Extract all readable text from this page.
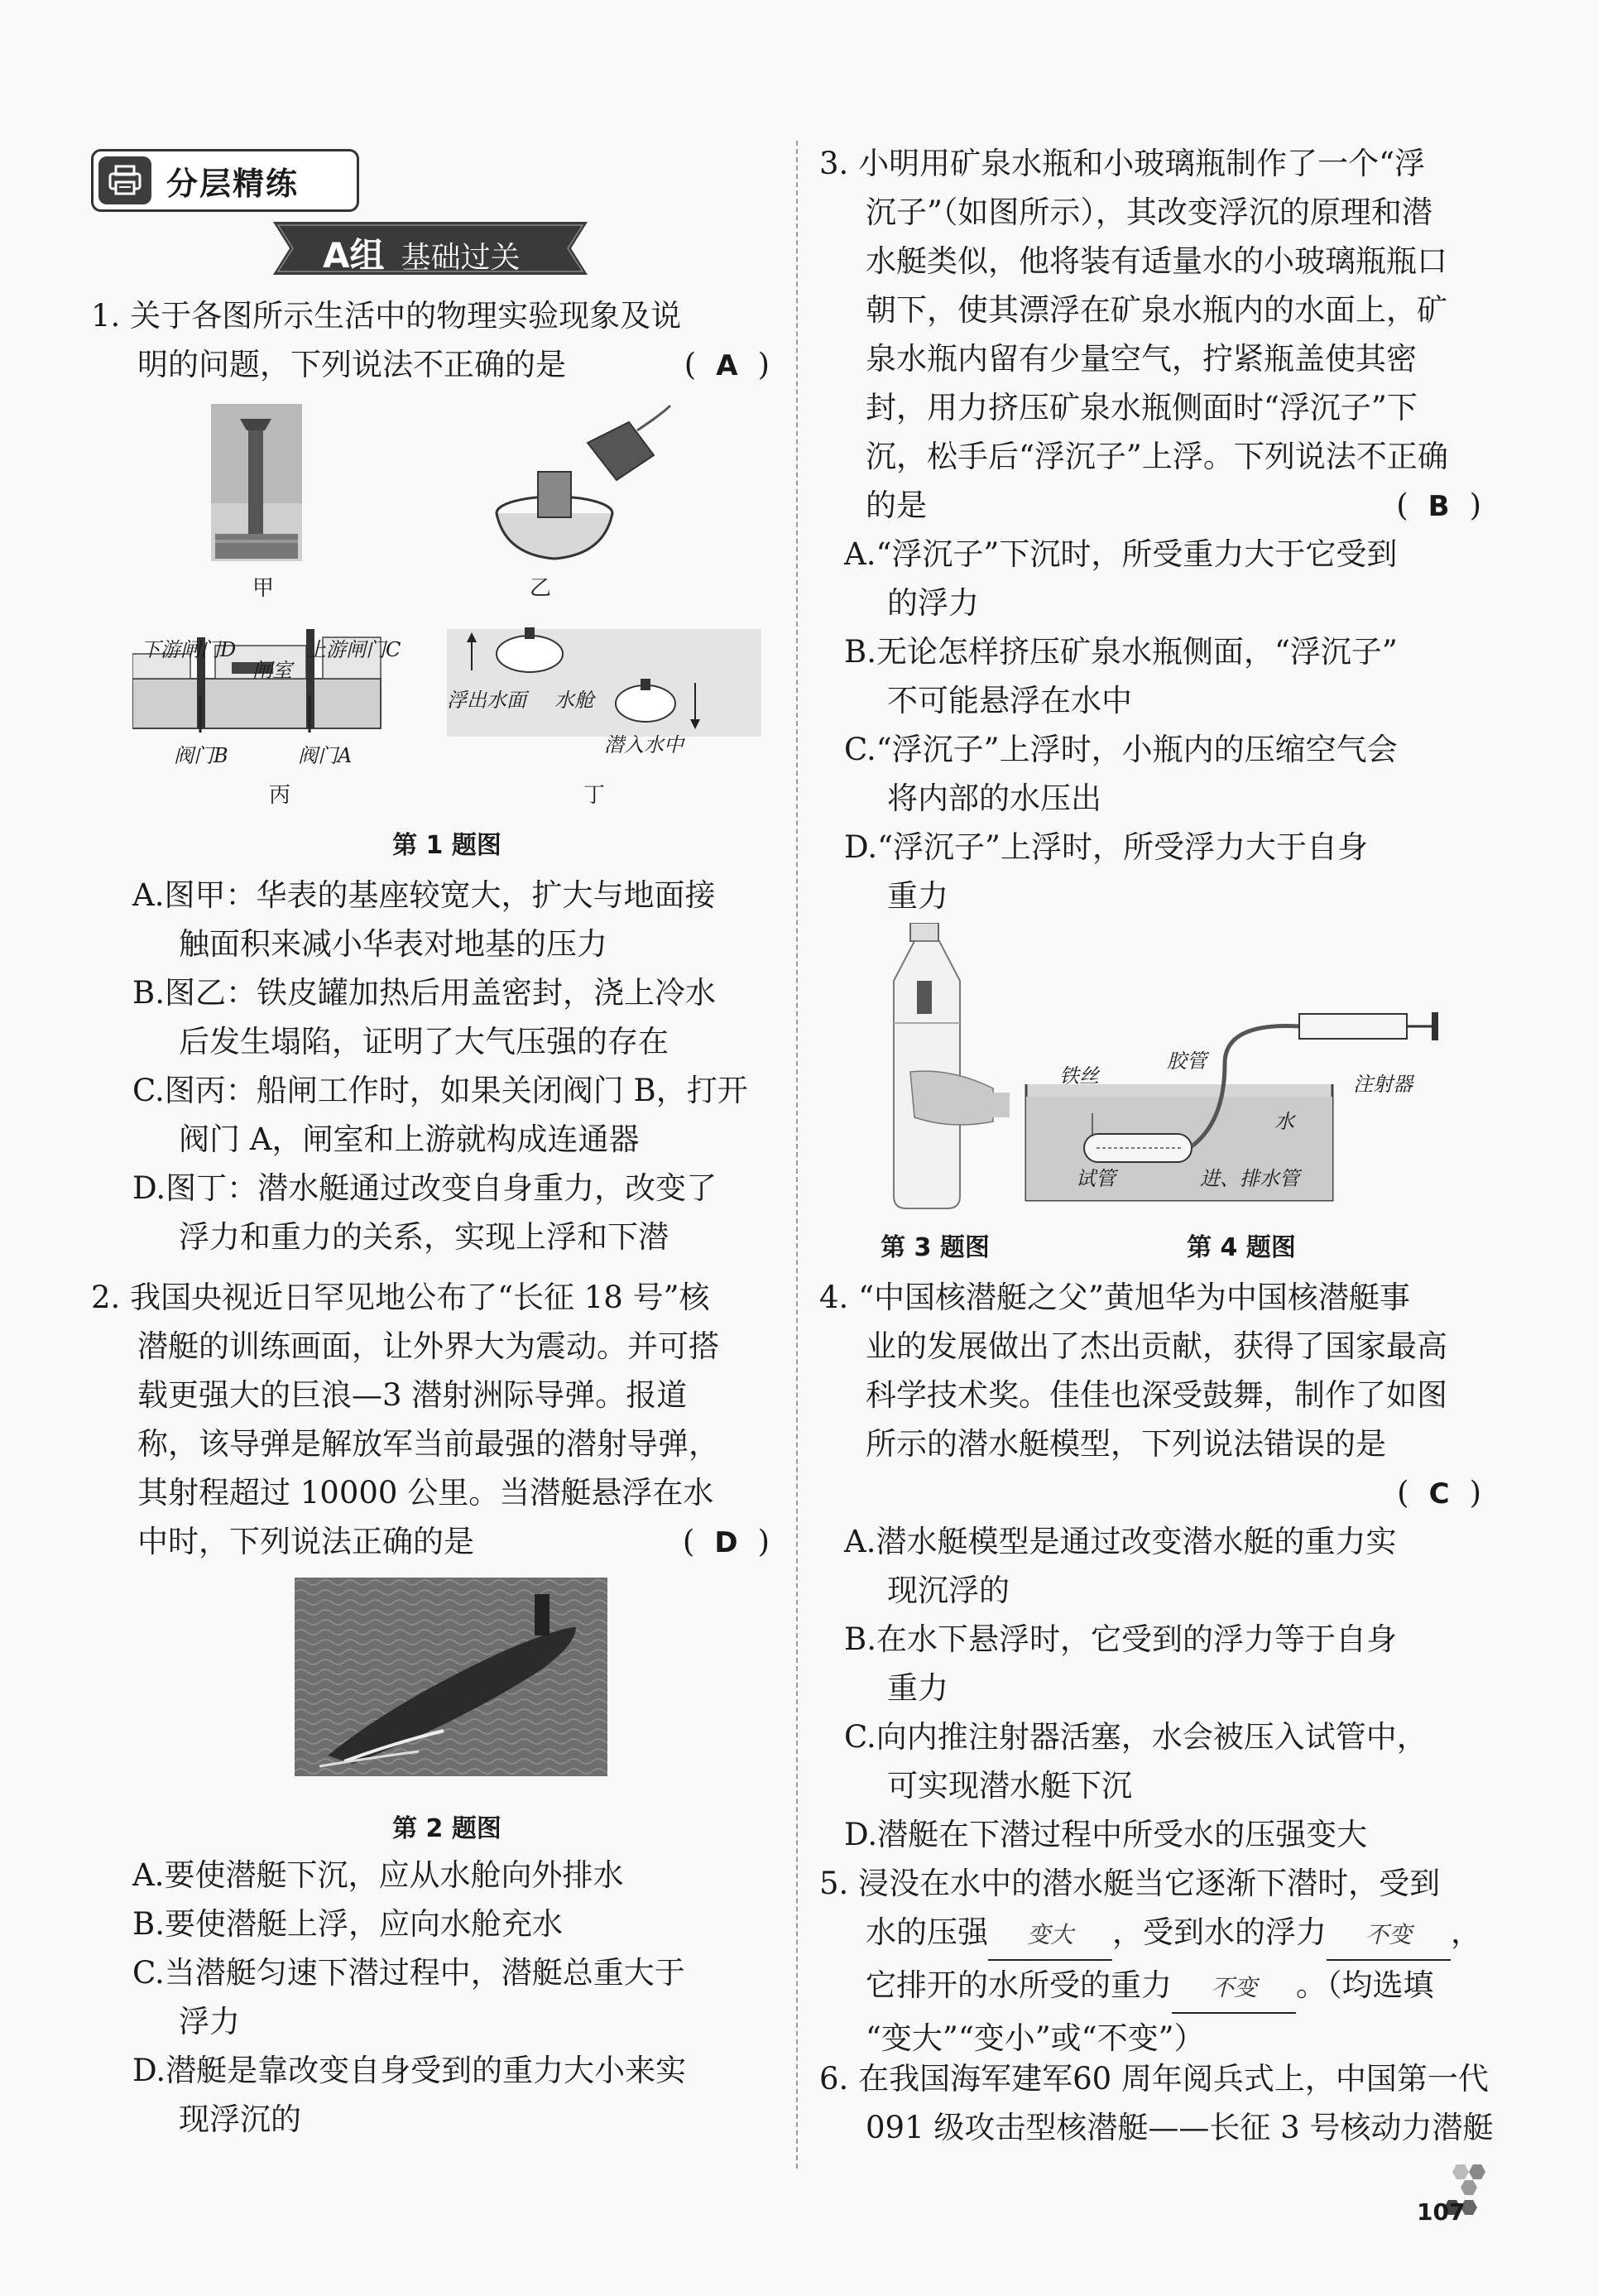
分层精练
A组 基础过关
1. 关于各图所示生活中的物理实验现象及说
明的问题，下列说法不正确的是	( A )
甲	乙
丙	丁
下游闸门D	上游闸门C
闸室
阀门B	阀门A
浮出水面 水舱
潜入水中
第 1 题图
A.图甲：华表的基座较宽大，扩大与地面接
触面积来减小华表对地基的压力
B.图乙：铁皮罐加热后用盖密封，浇上冷水
后发生塌陷，证明了大气压强的存在
C.图丙：船闸工作时，如果关闭阀门 B，打开
阀门 A，闸室和上游就构成连通器
D.图丁：潜水艇通过改变自身重力，改变了
浮力和重力的关系，实现上浮和下潜
2. 我国央视近日罕见地公布了“长征 18 号”核
潜艇的训练画面，让外界大为震动。并可搭
载更强大的巨浪—3 潜射洲际导弹。报道
称，该导弹是解放军当前最强的潜射导弹，
其射程超过 10000 公里。当潜艇悬浮在水
中时，下列说法正确的是	( D )
第 2 题图
A.要使潜艇下沉，应从水舱向外排水
B.要使潜艇上浮，应向水舱充水
C.当潜艇匀速下潜过程中，潜艇总重大于
浮力
D.潜艇是靠改变自身受到的重力大小来实
现浮沉的
3. 小明用矿泉水瓶和小玻璃瓶制作了一个“浮
沉子”（如图所示），其改变浮沉的原理和潜
水艇类似，他将装有适量水的小玻璃瓶瓶口
朝下，使其漂浮在矿泉水瓶内的水面上，矿
泉水瓶内留有少量空气，拧紧瓶盖使其密
封，用力挤压矿泉水瓶侧面时“浮沉子”下
沉，松手后“浮沉子”上浮。下列说法不正确
的是	( B )
A.“浮沉子”下沉时，所受重力大于它受到
的浮力
B.无论怎样挤压矿泉水瓶侧面，“浮沉子”
不可能悬浮在水中
C.“浮沉子”上浮时，小瓶内的压缩空气会
将内部的水压出
D.“浮沉子”上浮时，所受浮力大于自身
重力
铁丝
胶管
注射器
水
试管	进、排水管
第 3 题图	第 4 题图
4. “中国核潜艇之父”黄旭华为中国核潜艇事
业的发展做出了杰出贡献，获得了国家最高
科学技术奖。佳佳也深受鼓舞，制作了如图
所示的潜水艇模型，下列说法错误的是
( C )
A.潜水艇模型是通过改变潜水艇的重力实
现沉浮的
B.在水下悬浮时，它受到的浮力等于自身
重力
C.向内推注射器活塞，水会被压入试管中，
可实现潜水艇下沉
D.潜艇在下潜过程中所受水的压强变大
5. 浸没在水中的潜水艇当它逐渐下潜时，受到
水的压强 变大 ，受到水的浮力 不变 ，
它排开的水所受的重力 不变 。（均选填
“变大”“变小”或“不变”）
6. 在我国海军建军60 周年阅兵式上，中国第一代
091 级攻击型核潜艇——长征 3 号核动力潜艇
107
